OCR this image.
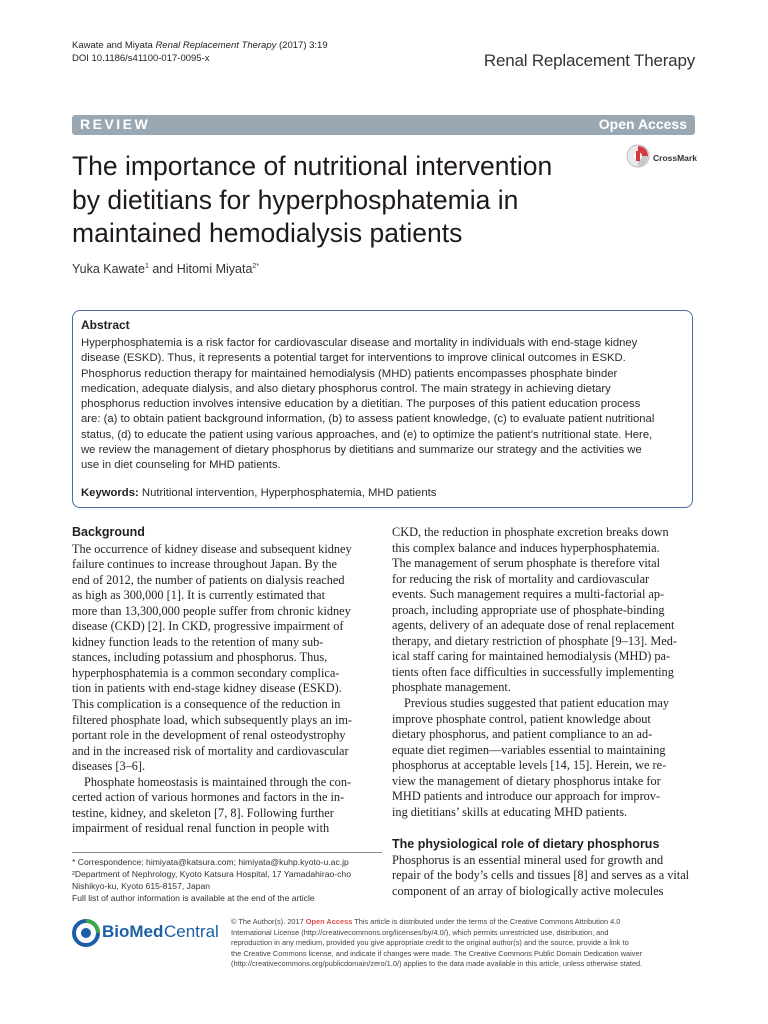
Kawate and Miyata Renal Replacement Therapy (2017) 3:19
DOI 10.1186/s41100-017-0095-x	Renal Replacement Therapy
REVIEW	Open Access
The importance of nutritional intervention
by dietitians for hyperphosphatemia in
maintained hemodialysis patients
CrossMark
Yuka Kawate$^1$ and Hitomi Miyata$^{2*}$
Abstract
Hyperphosphatemia is a risk factor for cardiovascular disease and mortality in individuals with end-stage kidney
disease (ESKD). Thus, it represents a potential target for interventions to improve clinical outcomes in ESKD.
Phosphorus reduction therapy for maintained hemodialysis (MHD) patients encompasses phosphate binder
medication, adequate dialysis, and also dietary phosphorus control. The main strategy in achieving dietary
phosphorus reduction involves intensive education by a dietitian. The purposes of this patient education process
are: (a) to obtain patient background information, (b) to assess patient knowledge, (c) to evaluate patient nutritional
status, (d) to educate the patient using various approaches, and (e) to optimize the patient’s nutritional state. Here,
we review the management of dietary phosphorus by dietitians and summarize our strategy and the activities we
use in diet counseling for MHD patients.
Keywords: Nutritional intervention, Hyperphosphatemia, MHD patients
Background
The occurrence of kidney disease and subsequent kidney
failure continues to increase throughout Japan. By the
end of 2012, the number of patients on dialysis reached
as high as 300,000 [1]. It is currently estimated that
more than 13,300,000 people suffer from chronic kidney
disease (CKD) [2]. In CKD, progressive impairment of
kidney function leads to the retention of many sub-
stances, including potassium and phosphorus. Thus,
hyperphosphatemia is a common secondary complica-
tion in patients with end-stage kidney disease (ESKD).
This complication is a consequence of the reduction in
filtered phosphate load, which subsequently plays an im-
portant role in the development of renal osteodystrophy
and in the increased risk of mortality and cardiovascular
diseases [3–6].
Phosphate homeostasis is maintained through the con-
certed action of various hormones and factors in the in-
testine, kidney, and skeleton [7, 8]. Following further
impairment of residual renal function in people with
CKD, the reduction in phosphate excretion breaks down
this complex balance and induces hyperphosphatemia.
The management of serum phosphate is therefore vital
for reducing the risk of mortality and cardiovascular
events. Such management requires a multi-factorial ap-
proach, including appropriate use of phosphate-binding
agents, delivery of an adequate dose of renal replacement
therapy, and dietary restriction of phosphate [9–13]. Med-
ical staff caring for maintained hemodialysis (MHD) pa-
tients often face difficulties in successfully implementing
phosphate management.
Previous studies suggested that patient education may
improve phosphate control, patient knowledge about
dietary phosphorus, and patient compliance to an ad-
equate diet regimen—variables essential to maintaining
phosphorus at acceptable levels [14, 15]. Herein, we re-
view the management of dietary phosphorus intake for
MHD patients and introduce our approach for improv-
ing dietitians’ skills at educating MHD patients.
The physiological role of dietary phosphorus
Phosphorus is an essential mineral used for growth and
repair of the body’s cells and tissues [8] and serves as a vital
component of an array of biologically active molecules
* Correspondence: himiyata@katsura.com; himiyata@kuhp.kyoto-u.ac.jp
²Department of Nephrology, Kyoto Katsura Hospital, 17 Yamadahirao-cho
Nishikyo-ku, Kyoto 615-8157, Japan
Full list of author information is available at the end of the article
BioMed Central
© The Author(s). 2017 Open Access This article is distributed under the terms of the Creative Commons Attribution 4.0
International License (http://creativecommons.org/licenses/by/4.0/), which permits unrestricted use, distribution, and
reproduction in any medium, provided you give appropriate credit to the original author(s) and the source, provide a link to
the Creative Commons license, and indicate if changes were made. The Creative Commons Public Domain Dedication waiver
(http://creativecommons.org/publicdomain/zero/1.0/) applies to the data made available in this article, unless otherwise stated.
